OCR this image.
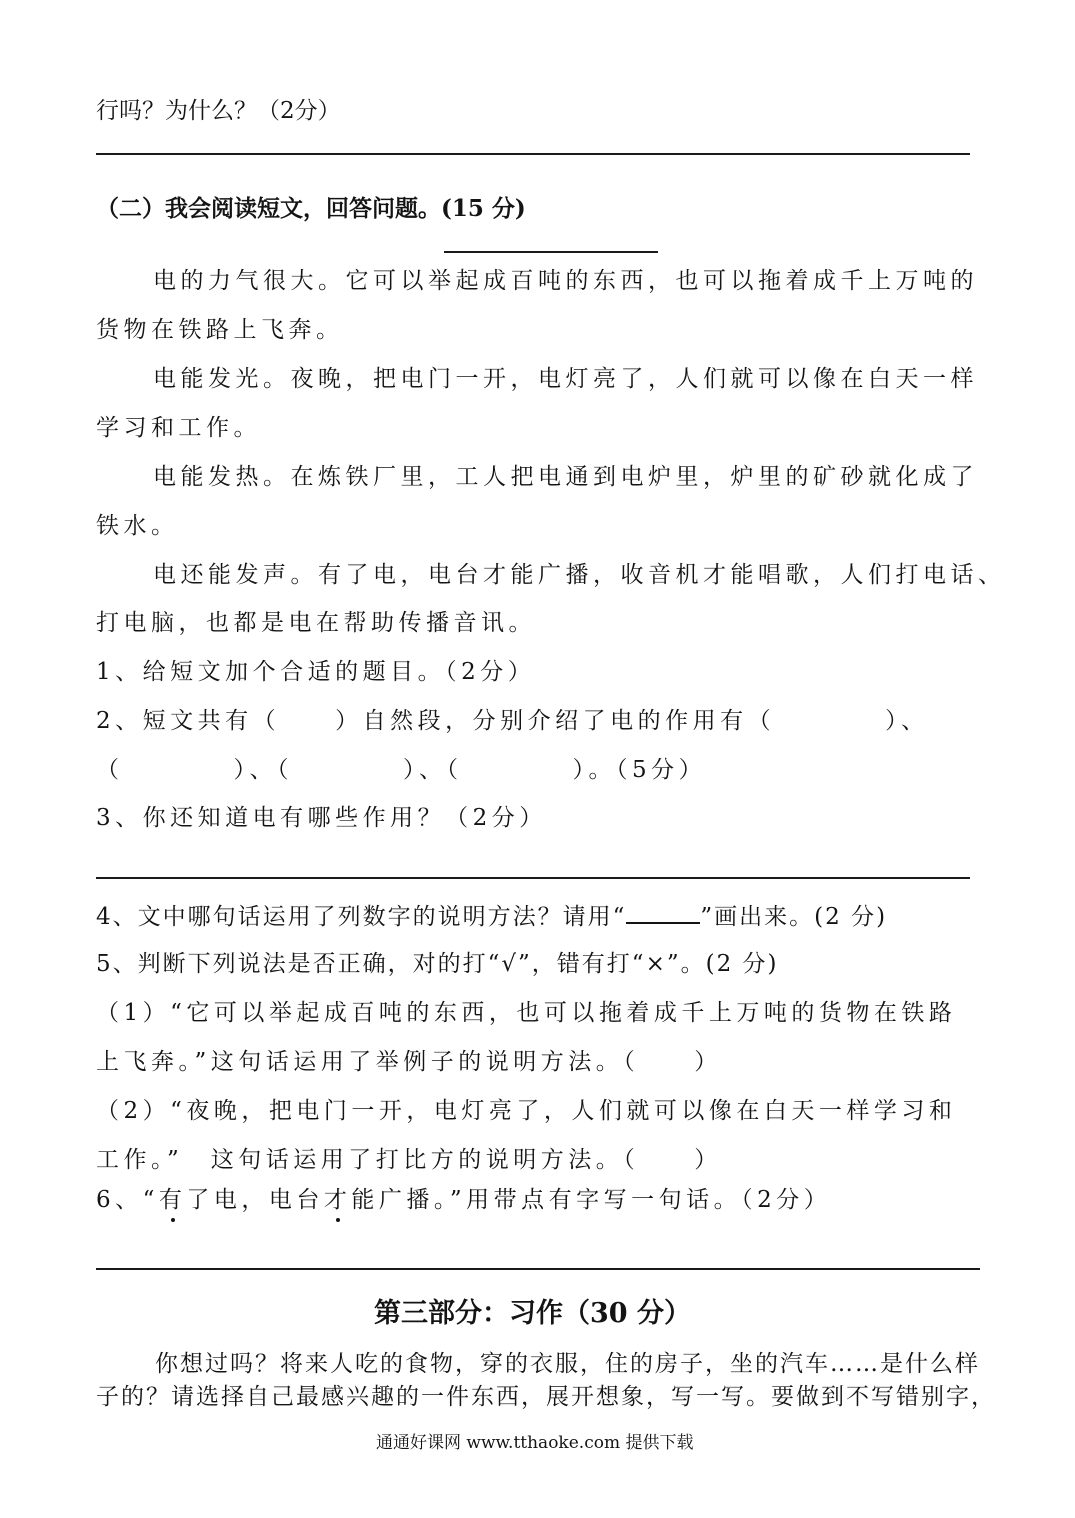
行吗？为什么？（2分）
（二）我会阅读短文，回答问题。(15 分)
电的力气很大。它可以举起成百吨的东西，也可以拖着成千上万吨的
货物在铁路上飞奔。
电能发光。夜晚，把电门一开，电灯亮了，人们就可以像在白天一样
学习和工作。
电能发热。在炼铁厂里，工人把电通到电炉里，炉里的矿砂就化成了
铁水。
电还能发声。有了电，电台才能广播，收音机才能唱歌，人们打电话、
打电脑，也都是电在帮助传播音讯。
1、给短文加个合适的题目。（2分）
2、短文共有（　　）自然段，分别介绍了电的作用有（　　　　）、
（　　　　）、（　　　　）、（　　　　）。（5分）
3、你还知道电有哪些作用？（2分）
4、文中哪句话运用了列数字的说明方法？请用“	”画出来。(2 分)
5、判断下列说法是否正确，对的打“√”，错有打“×”。(2 分)
（1）“它可以举起成百吨的东西，也可以拖着成千上万吨的货物在铁路
上飞奔。”这句话运用了举例子的说明方法。（　　）
（2）“夜晚，把电门一开，电灯亮了，人们就可以像在白天一样学习和
工作。”　这句话运用了打比方的说明方法。（　　）
6、“有了电，电台才能广播。”用带点有字写一句话。（2分）
第三部分：习作（30 分）
你想过吗？将来人吃的食物，穿的衣服，住的房子，坐的汽车……是什么样
子的？请选择自己最感兴趣的一件东西，展开想象，写一写。要做到不写错别字，
通通好课网 www.tthaoke.com 提供下载
